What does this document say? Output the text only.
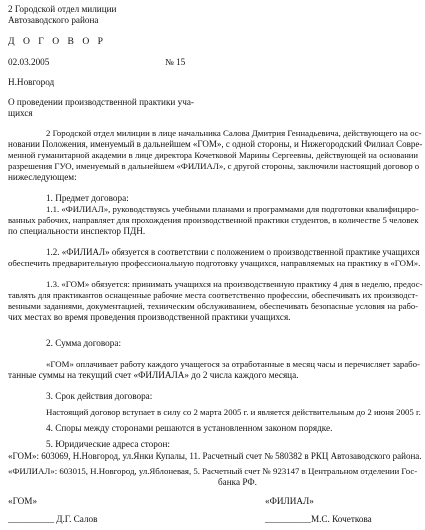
2 Городской отдел милиции
Автозаводского района
Д О Г О В О Р
02.03.2005	№ 15
Н.Новгород
О проведении производственной практики уча-
щихся
2 Городской отдел милиции в лице начальника Салова Дмитрия Геннадьевича, действующего на ос-
новании Положения, именуемый в дальнейшем «ГОМ», с одной стороны, и Нижегородский Филиал Совре-
менной гуманитарной академии в лице директора Кочетковой Марины Сергеевны, действующей на основании
разрешения ГУО, именуемый в дальнейшем «ФИЛИАЛ», с другой стороны, заключили настоящий договор о
нижеследующем:
1. Предмет договора:
1.1. «ФИЛИАЛ», руководствуясь учебными планами и программами для подготовки квалифициро-
ванных рабочих, направляет для прохождения производственной практики студентов, в количестве 5 человек
по специальности инспектор ПДН.
1.2. «ФИЛИАЛ» обязуется в соответствии с положением о производственной практике учащихся
обеспечить предварительную профессиональную подготовку учащихся, направляемых на практику в «ГОМ».
1.3. «ГОМ» обязуется: принимать учащихся на производственную практику 4 дня в неделю, предос-
тавлять для практикантов оснащенные рабочие места соответственно профессии, обеспечивать их производст-
венными заданиями, документацией, техническим обслуживанием, обеспечивать безопасные условия на рабо-
чих местах во время проведения производственной практики учащихся.
2. Сумма договора:
«ГОМ» оплачивает работу каждого учащегося за отработанные в месяц часы и перечисляет зарабо-
танные суммы на текущий счет «ФИЛИАЛА» до 2 числа каждого месяца.
3. Срок действия договора:
Настоящий договор вступает в силу со 2 марта 2005 г. и является действительным до 2 июня 2005 г.
4. Споры между сторонами решаются в установленном законом порядке.
5. Юридические адреса сторон:
«ГОМ»: 603069, Н.Новгород, ул.Янки Купалы, 11. Расчетный счет № 580382 в РКЦ Автозаводского района.
«ФИЛИАЛ»: 603015, Н.Новгород, ул.Яблоневая, 5. Расчетный счет № 923147 в Центральном отделении Гос-
банка РФ.
«ГОМ»	«ФИЛИАЛ»
__________ Д.Г. Салов	__________М.С. Кочеткова
